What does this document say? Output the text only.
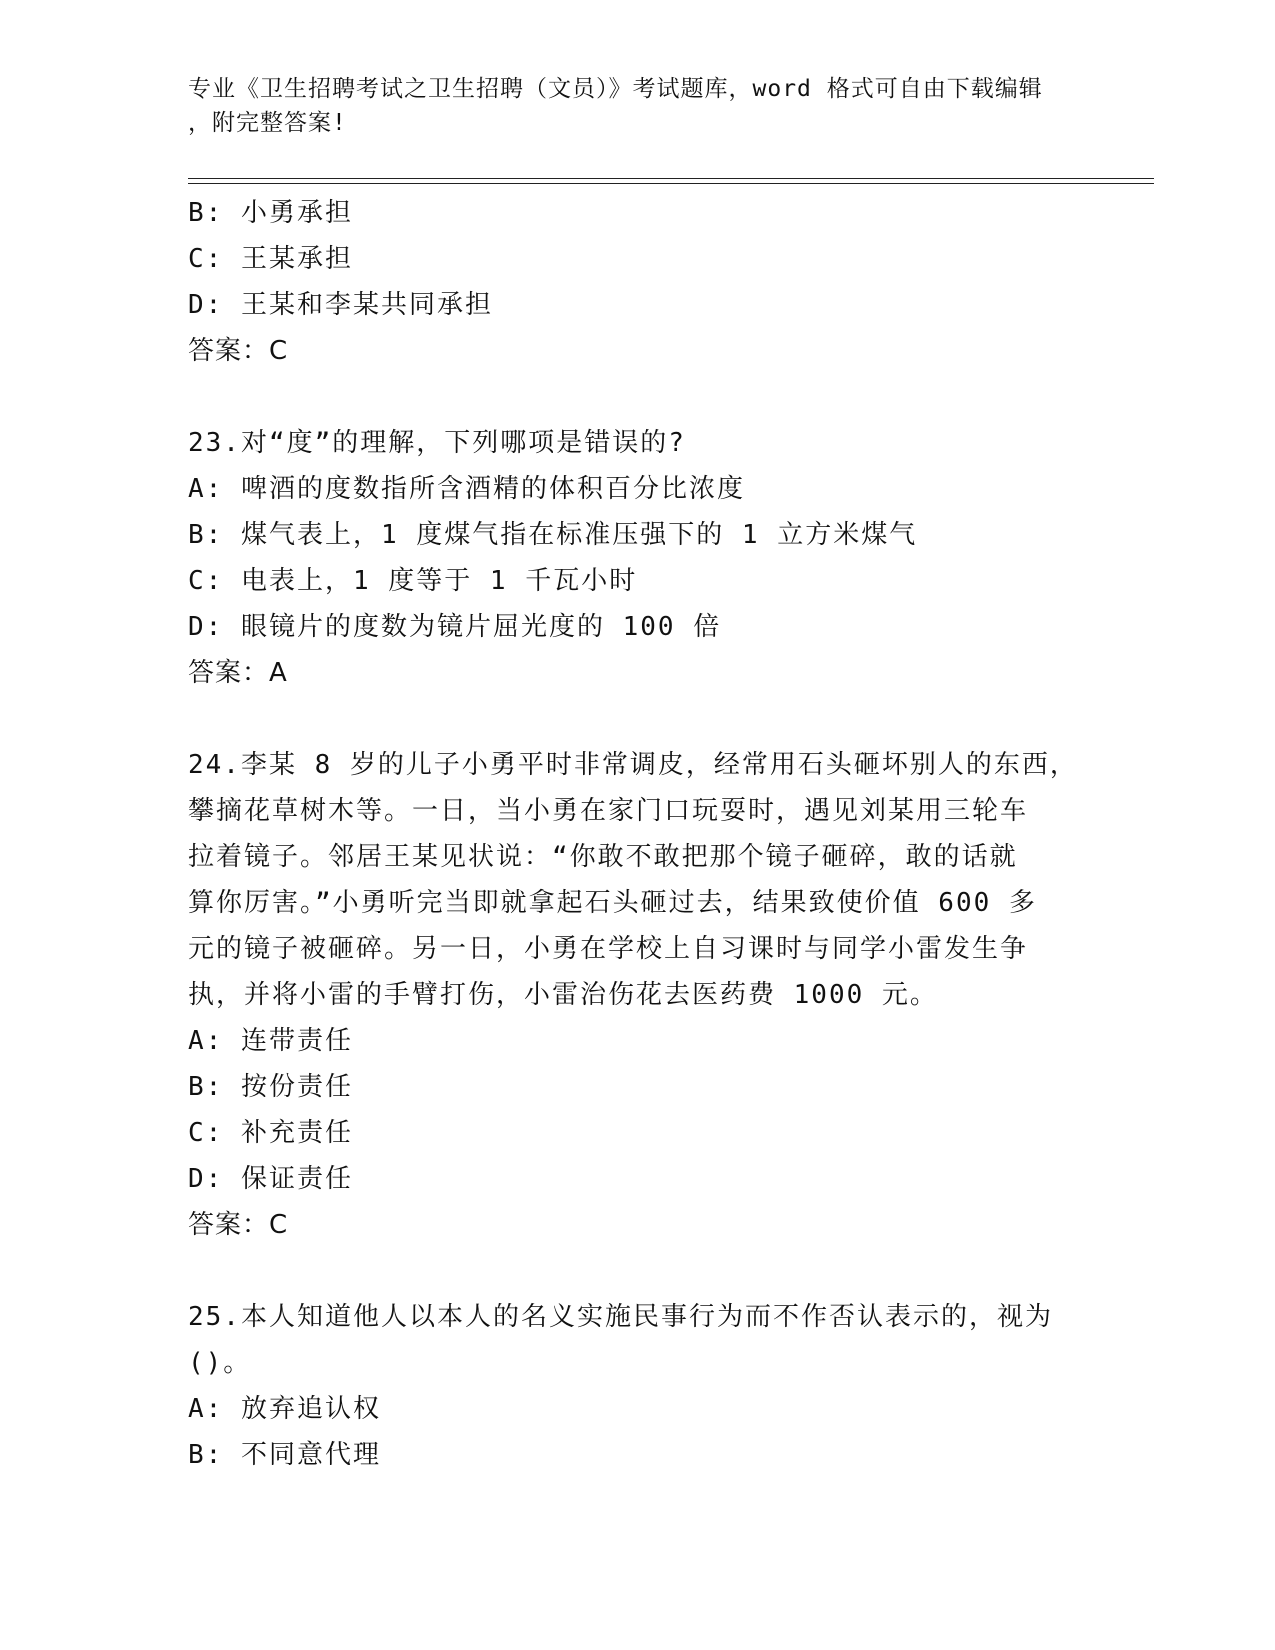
专业《卫生招聘考试之卫生招聘（文员）》考试题库，word 格式可自由下载编辑
，附完整答案!
B: 小勇承担
C: 王某承担
D: 王某和李某共同承担
答案：C
23.对“度”的理解，下列哪项是错误的?
A: 啤酒的度数指所含酒精的体积百分比浓度
B: 煤气表上，1 度煤气指在标准压强下的 1 立方米煤气
C: 电表上，1 度等于 1 千瓦小时
D: 眼镜片的度数为镜片屈光度的 100 倍
答案：A
24.李某 8 岁的儿子小勇平时非常调皮，经常用石头砸坏别人的东西，
攀摘花草树木等。一日，当小勇在家门口玩耍时，遇见刘某用三轮车
拉着镜子。邻居王某见状说：“你敢不敢把那个镜子砸碎，敢的话就
算你厉害。”小勇听完当即就拿起石头砸过去，结果致使价值 600 多
元的镜子被砸碎。另一日，小勇在学校上自习课时与同学小雷发生争
执，并将小雷的手臂打伤，小雷治伤花去医药费 1000 元。
A: 连带责任
B: 按份责任
C: 补充责任
D: 保证责任
答案：C
25.本人知道他人以本人的名义实施民事行为而不作否认表示的，视为
()。
A: 放弃追认权
B: 不同意代理
